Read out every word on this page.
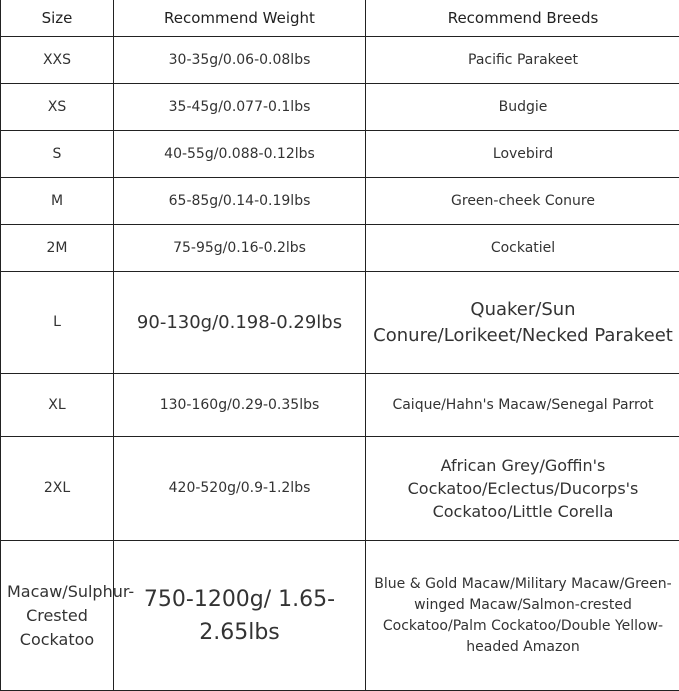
Size	Recommend Weight	Recommend Breeds
XXS	30-35g/0.06-0.08lbs	Pacific Parakeet
XS	35-45g/0.077-0.1lbs	Budgie
S	40-55g/0.088-0.12lbs	Lovebird
M	65-85g/0.14-0.19lbs	Green-cheek Conure
2M	75-95g/0.16-0.2lbs	Cockatiel
L	90-130g/0.198-0.29lbs	Quaker/Sun Conure/Lorikeet/Necked Parakeet
XL	130-160g/0.29-0.35lbs	Caique/Hahn's Macaw/Senegal Parrot
2XL	420-520g/0.9-1.2lbs	African Grey/Goffin's Cockatoo/Eclectus/Ducorps's Cockatoo/Little Corella
Macaw/Sulphur-Crested Cockatoo	750-1200g/ 1.65-2.65lbs	Blue & Gold Macaw/Military Macaw/Green-winged Macaw/Salmon-crested Cockatoo/Palm Cockatoo/Double Yellow-headed Amazon
